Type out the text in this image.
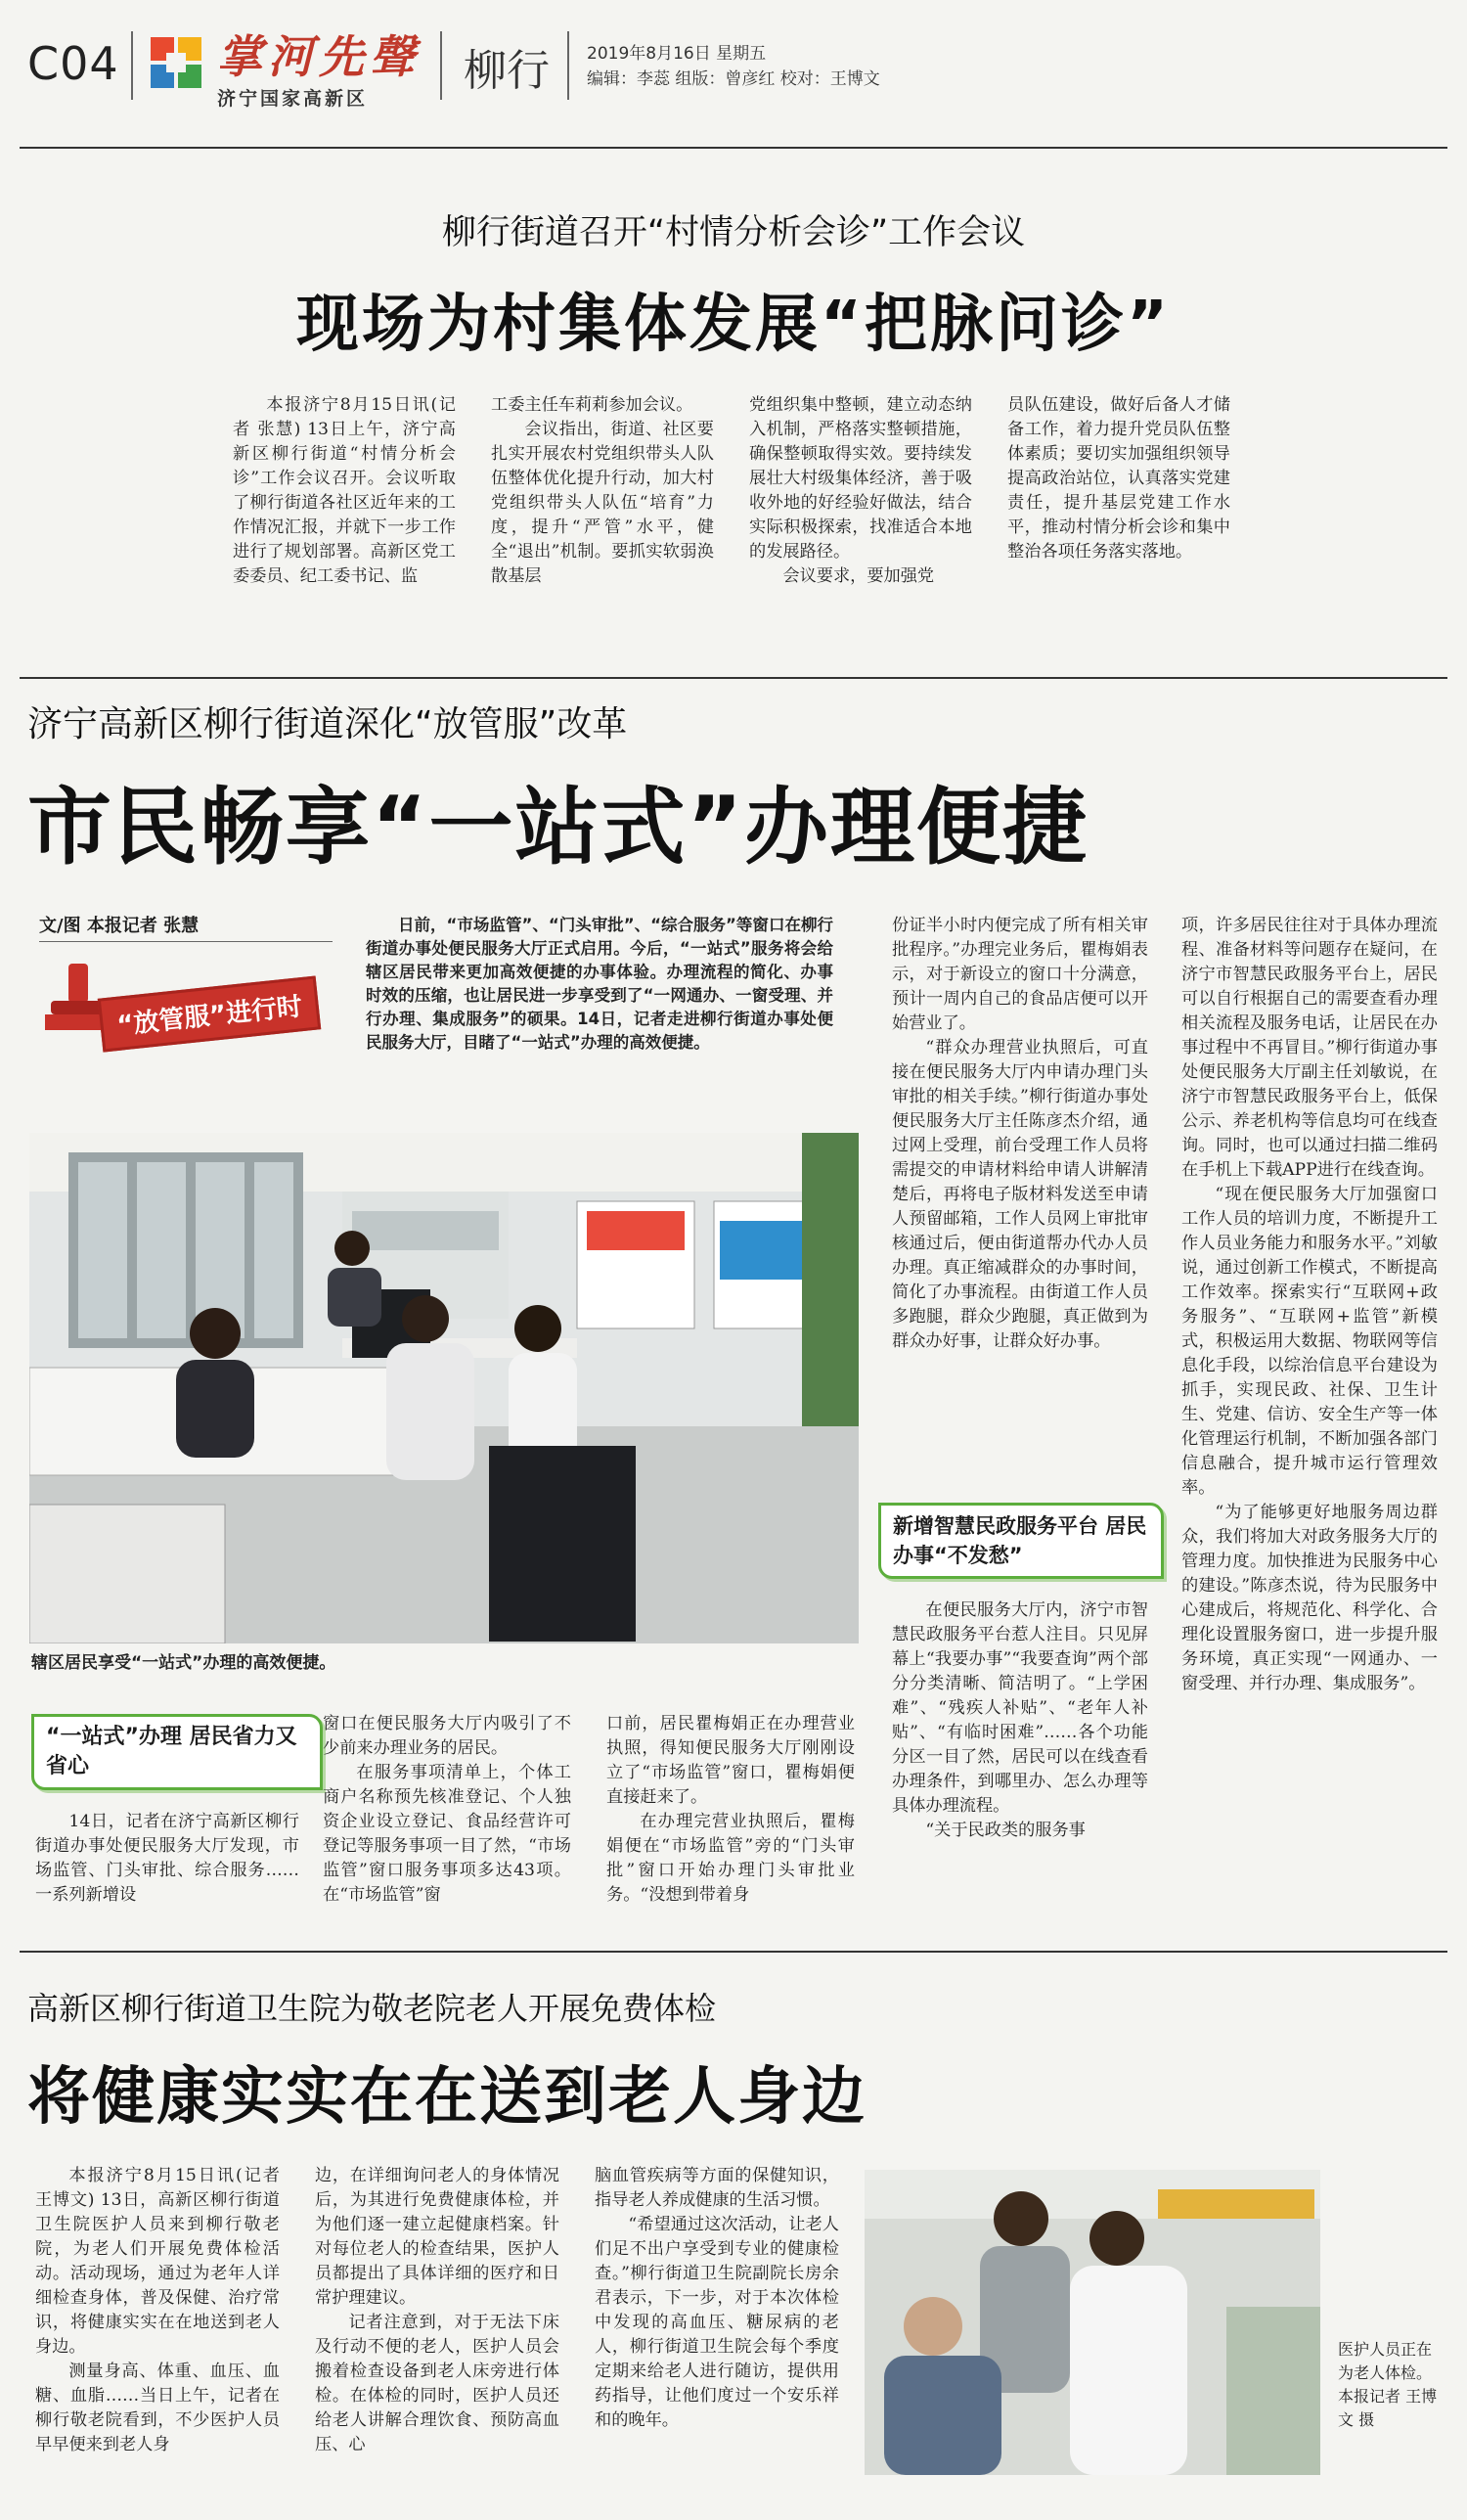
C04 掌河先聲
济宁国家高新区
柳行 2019年8月16日 星期五
编辑：李蕊 组版：曾彦红 校对：王博文
柳行街道召开“村情分析会诊”工作会议
现场为村集体发展“把脉问诊”

本报济宁8月15日讯(记者 张慧) 13日上午，济宁高新区柳行街道“村情分析会诊”工作会议召开。会议听取了柳行街道各社区近年来的工作情况汇报，并就下一步工作进行了规划部署。高新区党工委委员、纪工委书记、监

工委主任车莉莉参加会议。

会议指出，街道、社区要扎实开展农村党组织带头人队伍整体优化提升行动，加大村党组织带头人队伍“培育”力度，提升“严管”水平，健全“退出”机制。要抓实软弱涣散基层

党组织集中整顿，建立动态纳入机制，严格落实整顿措施，确保整顿取得实效。要持续发展壮大村级集体经济，善于吸收外地的好经验好做法，结合实际积极探索，找准适合本地的发展路径。

会议要求，要加强党

员队伍建设，做好后备人才储备工作，着力提升党员队伍整体素质；要切实加强组织领导提高政治站位，认真落实党建责任，提升基层党建工作水平，推动村情分析会诊和集中整治各项任务落实落地。

济宁高新区柳行街道深化“放管服”改革
市民畅享“一站式”办理便捷
文/图 本报记者 张慧
“放管服”进行时

日前，“市场监管”、“门头审批”、“综合服务”等窗口在柳行街道办事处便民服务大厅正式启用。今后，“一站式”服务将会给辖区居民带来更加高效便捷的办事体验。办理流程的简化、办事时效的压缩，也让居民进一步享受到了“一网通办、一窗受理、并行办理、集成服务”的硕果。14日，记者走进柳行街道办事处便民服务大厅，目睹了“一站式”办理的高效便捷。

辖区居民享受“一站式”办理的高效便捷。
“一站式”办理 居民省力又省心

14日，记者在济宁高新区柳行街道办事处便民服务大厅发现，市场监管、门头审批、综合服务……一系列新增设

窗口在便民服务大厅内吸引了不少前来办理业务的居民。

在服务事项清单上，个体工商户名称预先核准登记、个人独资企业设立登记、食品经营许可登记等服务事项一目了然，“市场监管”窗口服务事项多达43项。在“市场监管”窗

口前，居民瞿梅娟正在办理营业执照，得知便民服务大厅刚刚设立了“市场监管”窗口，瞿梅娟便直接赶来了。

在办理完营业执照后，瞿梅娟便在“市场监管”旁的“门头审批”窗口开始办理门头审批业务。“没想到带着身

份证半小时内便完成了所有相关审批程序。”办理完业务后，瞿梅娟表示，对于新设立的窗口十分满意，预计一周内自己的食品店便可以开始营业了。

“群众办理营业执照后，可直接在便民服务大厅内申请办理门头审批的相关手续。”柳行街道办事处便民服务大厅主任陈彦杰介绍，通过网上受理，前台受理工作人员将需提交的申请材料给申请人讲解清楚后，再将电子版材料发送至申请人预留邮箱，工作人员网上审批审核通过后，便由街道帮办代办人员办理。真正缩减群众的办事时间，简化了办事流程。由街道工作人员多跑腿，群众少跑腿，真正做到为群众办好事，让群众好办事。

新增智慧民政服务平台 居民办事“不发愁”

在便民服务大厅内，济宁市智慧民政服务平台惹人注目。只见屏幕上“我要办事”“我要查询”两个部分分类清晰、简洁明了。“上学困难”、“残疾人补贴”、“老年人补贴”、“有临时困难”……各个功能分区一目了然，居民可以在线查看办理条件，到哪里办、怎么办理等具体办理流程。

“关于民政类的服务事

项，许多居民往往对于具体办理流程、准备材料等问题存在疑问，在济宁市智慧民政服务平台上，居民可以自行根据自己的需要查看办理相关流程及服务电话，让居民在办事过程中不再冒目。”柳行街道办事处便民服务大厅副主任刘敏说，在济宁市智慧民政服务平台上，低保公示、养老机构等信息均可在线查询。同时，也可以通过扫描二维码在手机上下载APP进行在线查询。

“现在便民服务大厅加强窗口工作人员的培训力度，不断提升工作人员业务能力和服务水平。”刘敏说，通过创新工作模式，不断提高工作效率。探索实行“互联网+政务服务”、“互联网+监管”新模式，积极运用大数据、物联网等信息化手段，以综治信息平台建设为抓手，实现民政、社保、卫生计生、党建、信访、安全生产等一体化管理运行机制，不断加强各部门信息融合，提升城市运行管理效率。

“为了能够更好地服务周边群众，我们将加大对政务服务大厅的管理力度。加快推进为民服务中心的建设。”陈彦杰说，待为民服务中心建成后，将规范化、科学化、合理化设置服务窗口，进一步提升服务环境，真正实现“一网通办、一窗受理、并行办理、集成服务”。

高新区柳行街道卫生院为敬老院老人开展免费体检
将健康实实在在送到老人身边

本报济宁8月15日讯(记者 王博文) 13日，高新区柳行街道卫生院医护人员来到柳行敬老院，为老人们开展免费体检活动。活动现场，通过为老年人详细检查身体，普及保健、治疗常识，将健康实实在在地送到老人身边。

测量身高、体重、血压、血糖、血脂……当日上午，记者在柳行敬老院看到，不少医护人员早早便来到老人身

边，在详细询问老人的身体情况后，为其进行免费健康体检，并为他们逐一建立起健康档案。针对每位老人的检查结果，医护人员都提出了具体详细的医疗和日常护理建议。

记者注意到，对于无法下床及行动不便的老人，医护人员会搬着检查设备到老人床旁进行体检。在体检的同时，医护人员还给老人讲解合理饮食、预防高血压、心

脑血管疾病等方面的保健知识，指导老人养成健康的生活习惯。

“希望通过这次活动，让老人们足不出户享受到专业的健康检查。”柳行街道卫生院副院长房余君表示，下一步，对于本次体检中发现的高血压、糖尿病的老人，柳行街道卫生院会每个季度定期来给老人进行随访，提供用药指导，让他们度过一个安乐祥和的晚年。

医护人员正在为老人体检。 本报记者 王博文 摄
